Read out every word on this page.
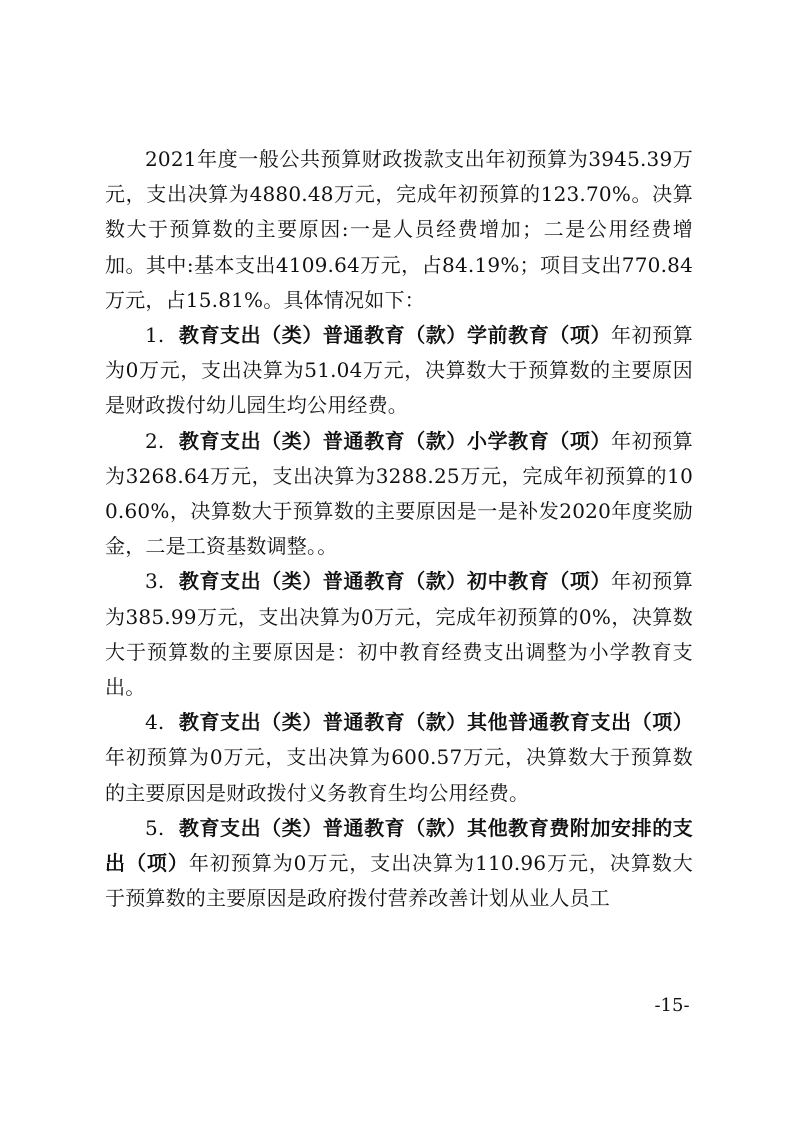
2021年度一般公共预算财政拨款支出年初预算为3945.39万元，支出决算为4880.48万元，完成年初预算的123.70%。决算数大于预算数的主要原因:一是人员经费增加；二是公用经费增加。其中:基本支出4109.64万元，占84.19%；项目支出770.84万元，占15.81%。具体情况如下：

1. 教育支出（类）普通教育（款）学前教育（项）年初预算为0万元，支出决算为51.04万元，决算数大于预算数的主要原因是财政拨付幼儿园生均公用经费。

2. 教育支出（类）普通教育（款）小学教育（项）年初预算为3268.64万元，支出决算为3288.25万元，完成年初预算的100.60%，决算数大于预算数的主要原因是一是补发2020年度奖励金，二是工资基数调整。。

3. 教育支出（类）普通教育（款）初中教育（项）年初预算为385.99万元，支出决算为0万元，完成年初预算的0%，决算数大于预算数的主要原因是：初中教育经费支出调整为小学教育支出。

4. 教育支出（类）普通教育（款）其他普通教育支出（项）年初预算为0万元，支出决算为600.57万元，决算数大于预算数的主要原因是财政拨付义务教育生均公用经费。

5. 教育支出（类）普通教育（款）其他教育费附加安排的支出（项）年初预算为0万元，支出决算为110.96万元，决算数大于预算数的主要原因是政府拨付营养改善计划从业人员工

-15-
